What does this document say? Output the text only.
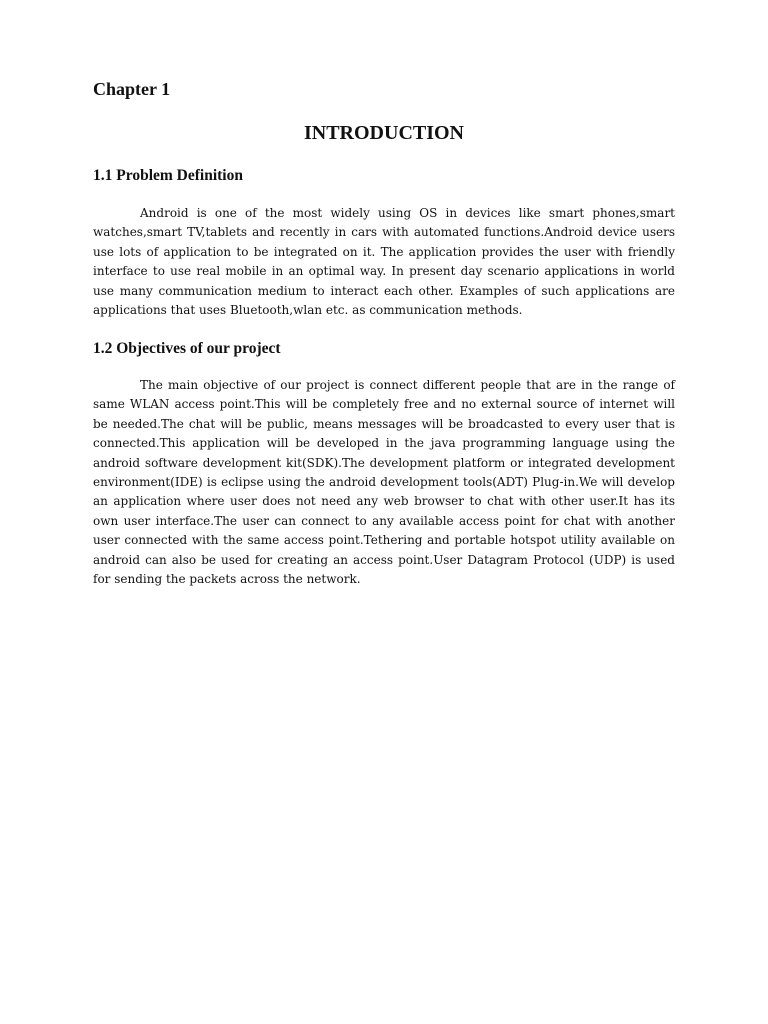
Chapter 1
INTRODUCTION
1.1 Problem Definition

Android is one of the most widely using OS in devices like smart phones,smart watches,smart TV,tablets and recently in cars with automated functions.Android device users use lots of application to be integrated on it. The application provides the user with friendly interface to use real mobile in an optimal way. In present day scenario applications in world use many communication medium to interact each other. Examples of such applications are applications that uses Bluetooth,wlan etc. as communication methods.

1.2 Objectives of our project

The main objective of our project is connect different people that are in the range of same WLAN access point.This will be completely free and no external source of internet will be needed.The chat will be public, means messages will be broadcasted to every user that is connected.This application will be developed in the java programming language using the android software development kit(SDK).The development platform or integrated development environment(IDE) is eclipse using the android development tools(ADT) Plug-in.We will develop an application where user does not need any web browser to chat with other user.It has its own user interface.The user can connect to any available access point for chat with another user connected with the same access point.Tethering and portable hotspot utility available on android can also be used for creating an access point.User Datagram Protocol (UDP) is used for sending the packets across the network.
